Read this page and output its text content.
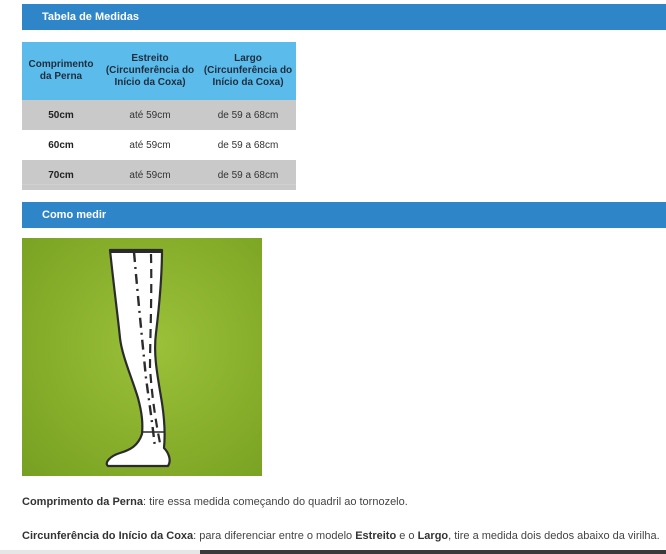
Tabela de Medidas
Comprimento da Perna	Estreito (Circunferência do Início da Coxa)	Largo (Circunferência do Início da Coxa)
50cm	até 59cm	de 59 a 68cm
60cm	até 59cm	de 59 a 68cm
70cm	até 59cm	de 59 a 68cm
Como medir
Comprimento da Perna: tire essa medida começando do quadril ao tornozelo.
Circunferência do Início da Coxa: para diferenciar entre o modelo Estreito e o Largo, tire a medida dois dedos abaixo da virilha.
